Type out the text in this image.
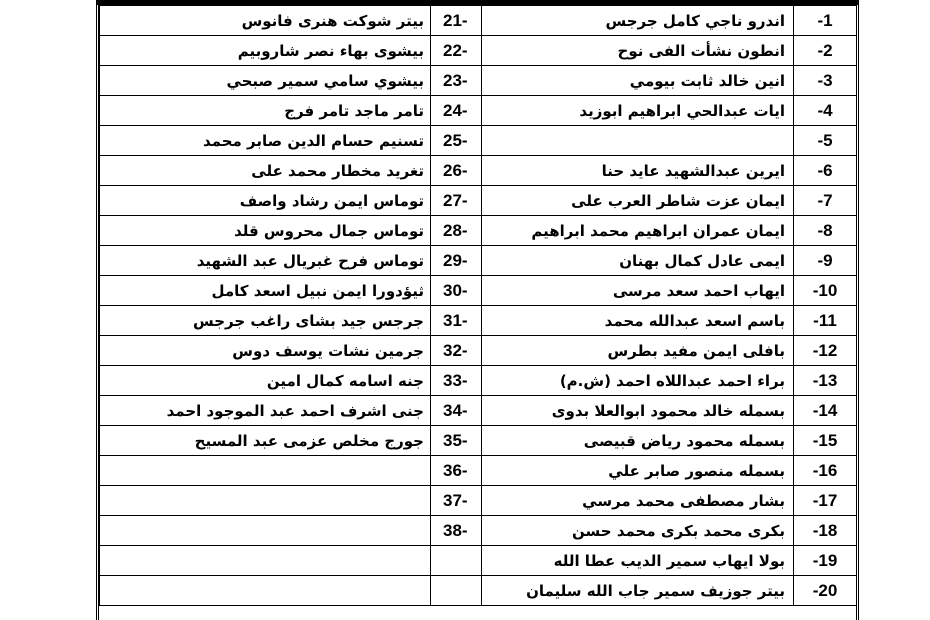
-1	اندرو ناجي كامل جرجس	21-	بيتر شوكت هنرى فانوس
-2	انطون نشأت الفى نوح	22-	بيشوى بهاء نصر شاروبيم
-3	انين خالد ثابت بيومي	23-	بيشوي سامي سمير صبحي
-4	ايات عبدالحي ابراهيم ابوزيد	24-	تامر ماجد تامر فرج
-5		25-	تسنيم حسام الدين صابر محمد
-6	ايرين عبدالشهيد عايد حنا	26-	تغريد مخطار محمد على
-7	ايمان عزت شاطر العرب على	27-	توماس ايمن رشاد واصف
-8	ايمان عمران ابراهيم محمد ابراهيم	28-	توماس جمال محروس قلد
-9	ايمى عادل كمال بهنان	29-	توماس فرح غبريال عبد الشهيد
-10	ايهاب احمد سعد مرسى	30-	ثيؤدورا ايمن نبيل اسعد كامل
-11	باسم اسعد عبدالله محمد	31-	جرجس جيد بشاى راغب جرجس
-12	بافلى ايمن مفيد بطرس	32-	جرمين نشات يوسف دوس
-13	براء احمد عبداللاه احمد (ش.م)	33-	جنه اسامه كمال امين
-14	بسمله خالد محمود ابوالعلا بدوى	34-	جنى اشرف احمد عبد الموجود احمد
-15	بسمله محمود رياض قبيصى	35-	جورج مخلص عزمى عبد المسيح
-16	بسمله منصور صابر علي	36-	
-17	بشار مصطفى محمد مرسي	37-	
-18	بكرى محمد بكرى محمد حسن	38-	
-19	بولا ايهاب سمير الديب عطا الله		
-20	بيتر جوزيف سمير جاب الله سليمان		
